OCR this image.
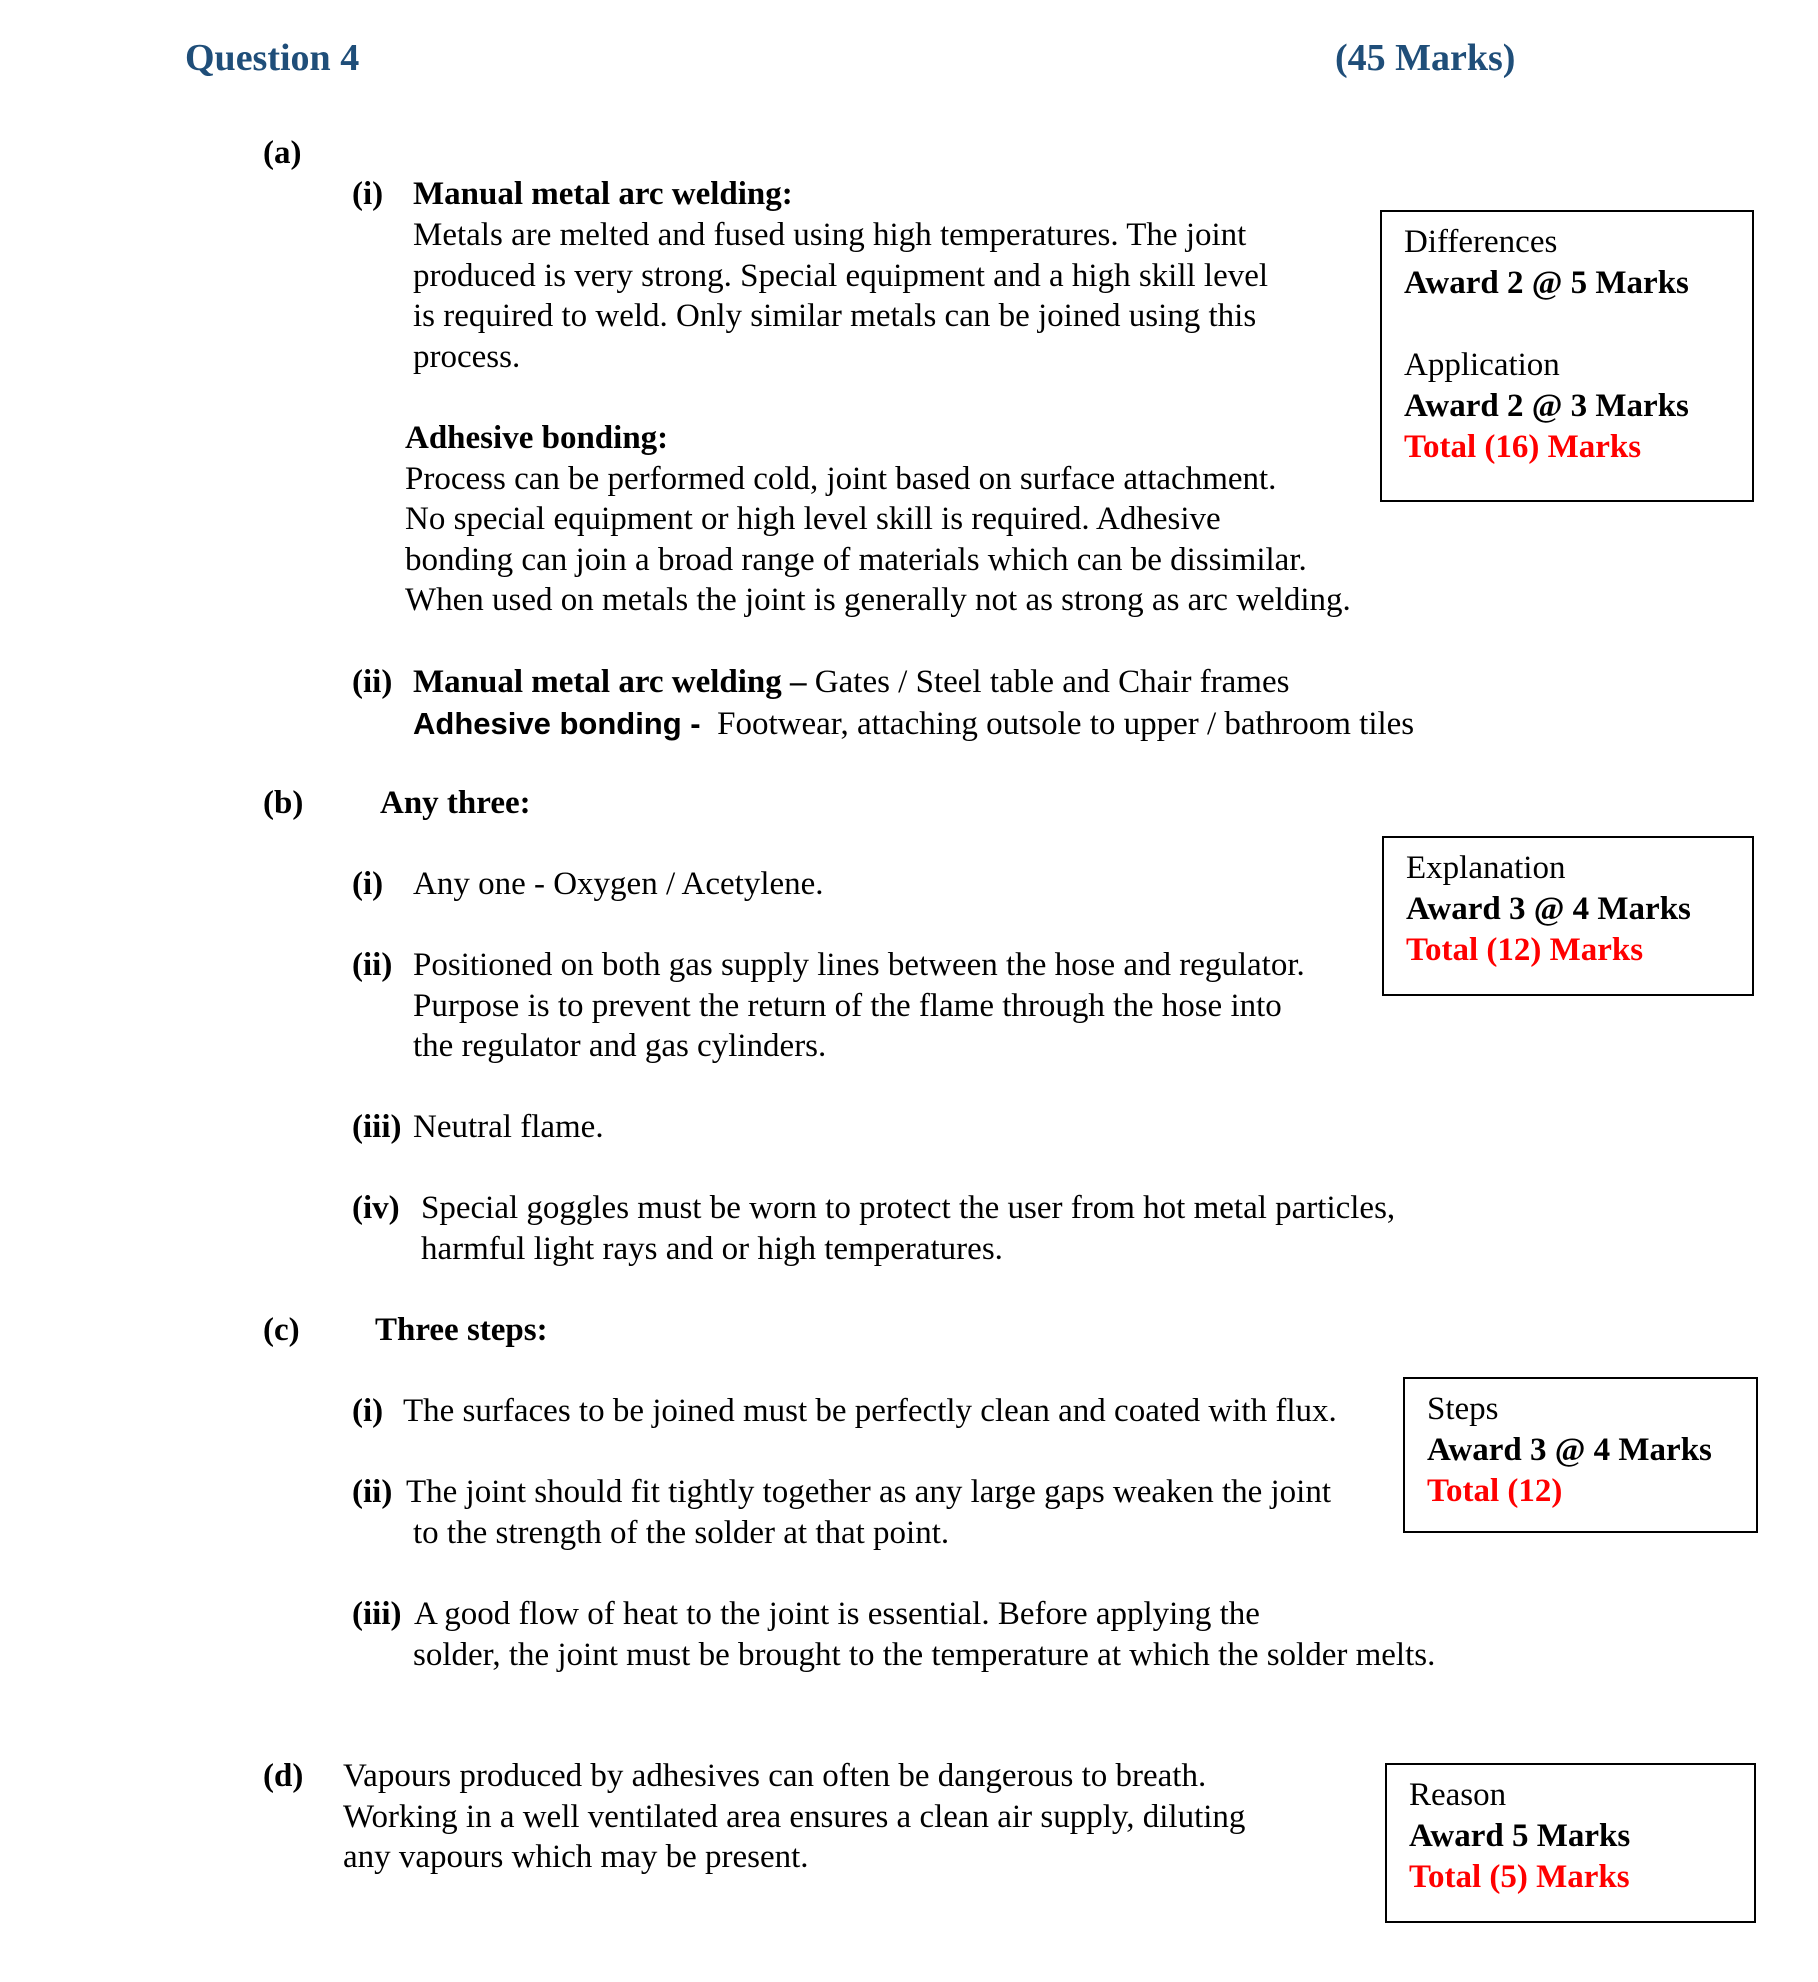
Question 4	(45 Marks)
(a)
(i) Manual metal arc welding:
Metals are melted and fused using high temperatures. The joint
produced is very strong. Special equipment and a high skill level
is required to weld. Only similar metals can be joined using this
process.
Adhesive bonding:
Process can be performed cold, joint based on surface attachment.
No special equipment or high level skill is required. Adhesive
bonding can join a broad range of materials which can be dissimilar.
When used on metals the joint is generally not as strong as arc welding.
(ii) Manual metal arc welding – Gates / Steel table and Chair frames
Adhesive bonding -  Footwear, attaching outsole to upper / bathroom tiles
Differences
Award 2 @ 5 Marks
Application
Award 2 @ 3 Marks
Total (16) Marks
(b) Any three:
(i) Any one - Oxygen / Acetylene.
(ii) Positioned on both gas supply lines between the hose and regulator.
Purpose is to prevent the return of the flame through the hose into
the regulator and gas cylinders.
(iii) Neutral flame.
(iv) Special goggles must be worn to protect the user from hot metal particles,
harmful light rays and or high temperatures.
Explanation
Award 3 @ 4 Marks
Total (12) Marks
(c) Three steps:
(i) The surfaces to be joined must be perfectly clean and coated with flux.
(ii) The joint should fit tightly together as any large gaps weaken the joint
to the strength of the solder at that point.
(iii) A good flow of heat to the joint is essential. Before applying the
solder, the joint must be brought to the temperature at which the solder melts.
Steps
Award 3 @ 4 Marks
Total (12)
(d) Vapours produced by adhesives can often be dangerous to breath.
Working in a well ventilated area ensures a clean air supply, diluting
any vapours which may be present.
Reason
Award 5 Marks
Total (5) Marks
